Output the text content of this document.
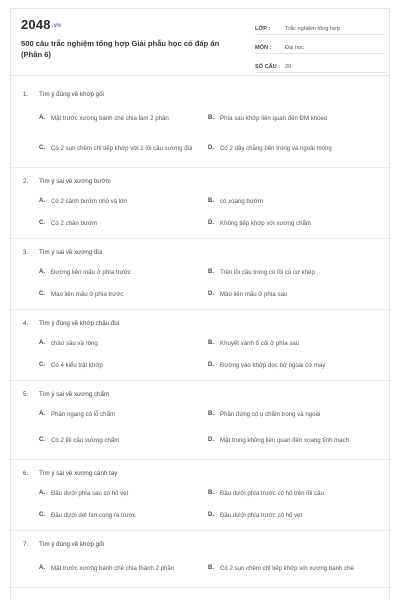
2048.vn
500 câu trắc nghiệm tổng hợp Giải phẫu học có đáp án (Phần 6)
LỚP :	Trắc nghiệm tổng hợp
MÔN :	Đại học
SỐ CÂU : 20
1.	Tìm ý đúng về khớp gối
A. Mặt trước xương bánh chè chia làm 2 phần	B. Phía sau khớp liên quan đến ĐM khoeo
C. Có 2 sụn chêm chỉ tiếp khớp với 2 lồi cầu xương đùi	D. Có 2 dây chằng bên trong và ngoài móng
2.	Tìm ý sai về xương bướm
A. Có 2 cánh bướm nhỏ và lớn	B. có xoang bướm
C. Có 2 chân bướm	D. Không tiếp khớp với xương chẩm
3.	Tìm ý sai về xương đùi
A. Đường liên mấu ở phía trước	B. Trên lồi cầu trong có lồi củ cơ khép
C. Mào liên mấu ở phía trước	D. Mào liên mấu ở phía sau
4.	Tìm ý đúng về khớp chậu đùi
A. chảo sâu và rộng	B. Khuyết vành ổ cối ở phía sau
C. Có 4 kiểu trật khớp	D. Đường vào khớp dọc bờ ngoài cơ may
5.	Tìm ý sai về xương chẩm
A. Phần ngang có lỗ chẩm	B. Phần đứng có ụ chẩm trong và ngoài
C. Có 2 lồi cầu xương chẩm	D. Mặt trong không liên quan đến xoang tĩnh mạch
6.	Tìm ý sai về xương cánh tay
A. Đầu dưới phía sau có hố vẹt	B. Đầu dưới phía trước có hố trên lồi cầu
C. Đầu dưới dẹt hơi cong ra trước	D. Đầu dưới phía trước có hố vẹt
7.	Tìm ý đúng về khớp gối
A. Mặt trước xương bánh chè chia thành 2 phần	B. Có 2 sụn chêm chỉ tiếp khớp với xương bánh chè
